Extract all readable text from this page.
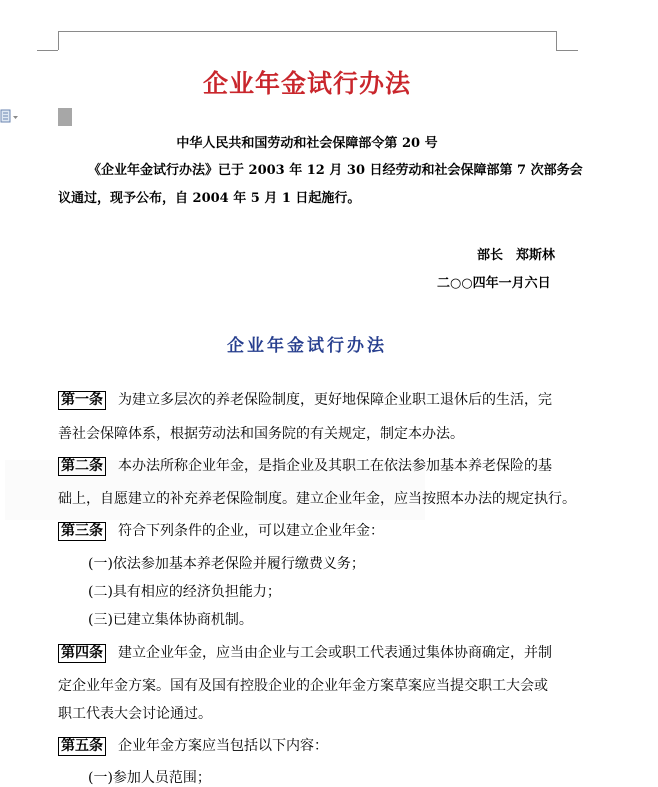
企业年金试行办法
中华人民共和国劳动和社会保障部令第 20 号
《企业年金试行办法》已于 2003 年 12 月 30 日经劳动和社会保障部第 7 次部务会
议通过，现予公布，自 2004 年 5 月 1 日起施行。
部长　郑斯林
二○○四年一月六日
企业年金试行办法
第一条 为建立多层次的养老保险制度，更好地保障企业职工退休后的生活，完
善社会保障体系，根据劳动法和国务院的有关规定，制定本办法。
第二条 本办法所称企业年金，是指企业及其职工在依法参加基本养老保险的基
础上，自愿建立的补充养老保险制度。建立企业年金，应当按照本办法的规定执行。
第三条 符合下列条件的企业，可以建立企业年金：
(一)依法参加基本养老保险并履行缴费义务；
(二)具有相应的经济负担能力；
(三)已建立集体协商机制。
第四条 建立企业年金，应当由企业与工会或职工代表通过集体协商确定，并制
定企业年金方案。国有及国有控股企业的企业年金方案草案应当提交职工大会或
职工代表大会讨论通过。
第五条 企业年金方案应当包括以下内容：
(一)参加人员范围；
